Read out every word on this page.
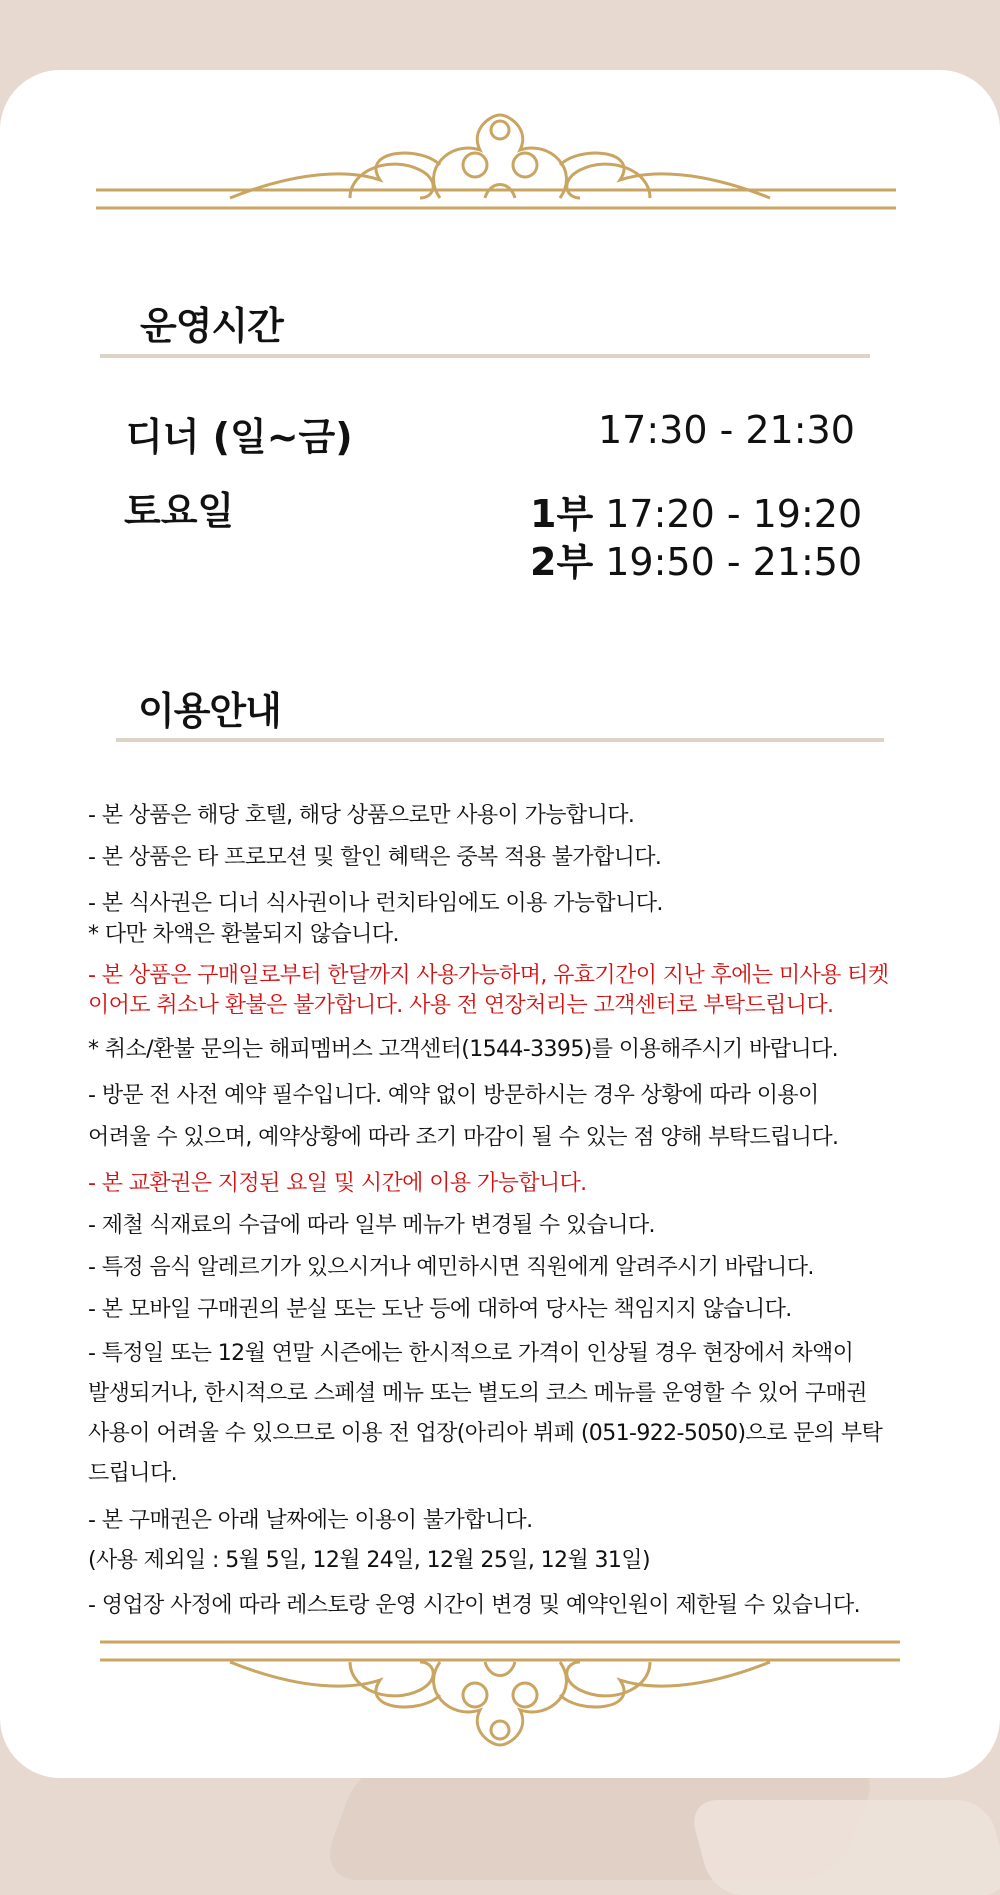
운영시간
디너 (일~금)	17:30 - 21:30
토요일	1부 17:20 - 19:20
2부 19:50 - 21:50
이용안내
- 본 상품은 해당 호텔, 해당 상품으로만 사용이 가능합니다.
- 본 상품은 타 프로모션 및 할인 혜택은 중복 적용 불가합니다.
- 본 식사권은 디너 식사권이나 런치타임에도 이용 가능합니다.
* 다만 차액은 환불되지 않습니다.
- 본 상품은 구매일로부터 한달까지 사용가능하며, 유효기간이 지난 후에는 미사용 티켓
이어도 취소나 환불은 불가합니다. 사용 전 연장처리는 고객센터로 부탁드립니다.
* 취소/환불 문의는 해피멤버스 고객센터(1544-3395)를 이용해주시기 바랍니다.
- 방문 전 사전 예약 필수입니다. 예약 없이 방문하시는 경우 상황에 따라 이용이
어려울 수 있으며, 예약상황에 따라 조기 마감이 될 수 있는 점 양해 부탁드립니다.
- 본 교환권은 지정된 요일 및 시간에 이용 가능합니다.
- 제철 식재료의 수급에 따라 일부 메뉴가 변경될 수 있습니다.
- 특정 음식 알레르기가 있으시거나 예민하시면 직원에게 알려주시기 바랍니다.
- 본 모바일 구매권의 분실 또는 도난 등에 대하여 당사는 책임지지 않습니다.
- 특정일 또는 12월 연말 시즌에는 한시적으로 가격이 인상될 경우 현장에서 차액이
발생되거나, 한시적으로 스페셜 메뉴 또는 별도의 코스 메뉴를 운영할 수 있어 구매권
사용이 어려울 수 있으므로 이용 전 업장(아리아 뷔페 (051-922-5050)으로 문의 부탁
드립니다.
- 본 구매권은 아래 날짜에는 이용이 불가합니다.
(사용 제외일 : 5월 5일, 12월 24일, 12월 25일, 12월 31일)
- 영업장 사정에 따라 레스토랑 운영 시간이 변경 및 예약인원이 제한될 수 있습니다.
